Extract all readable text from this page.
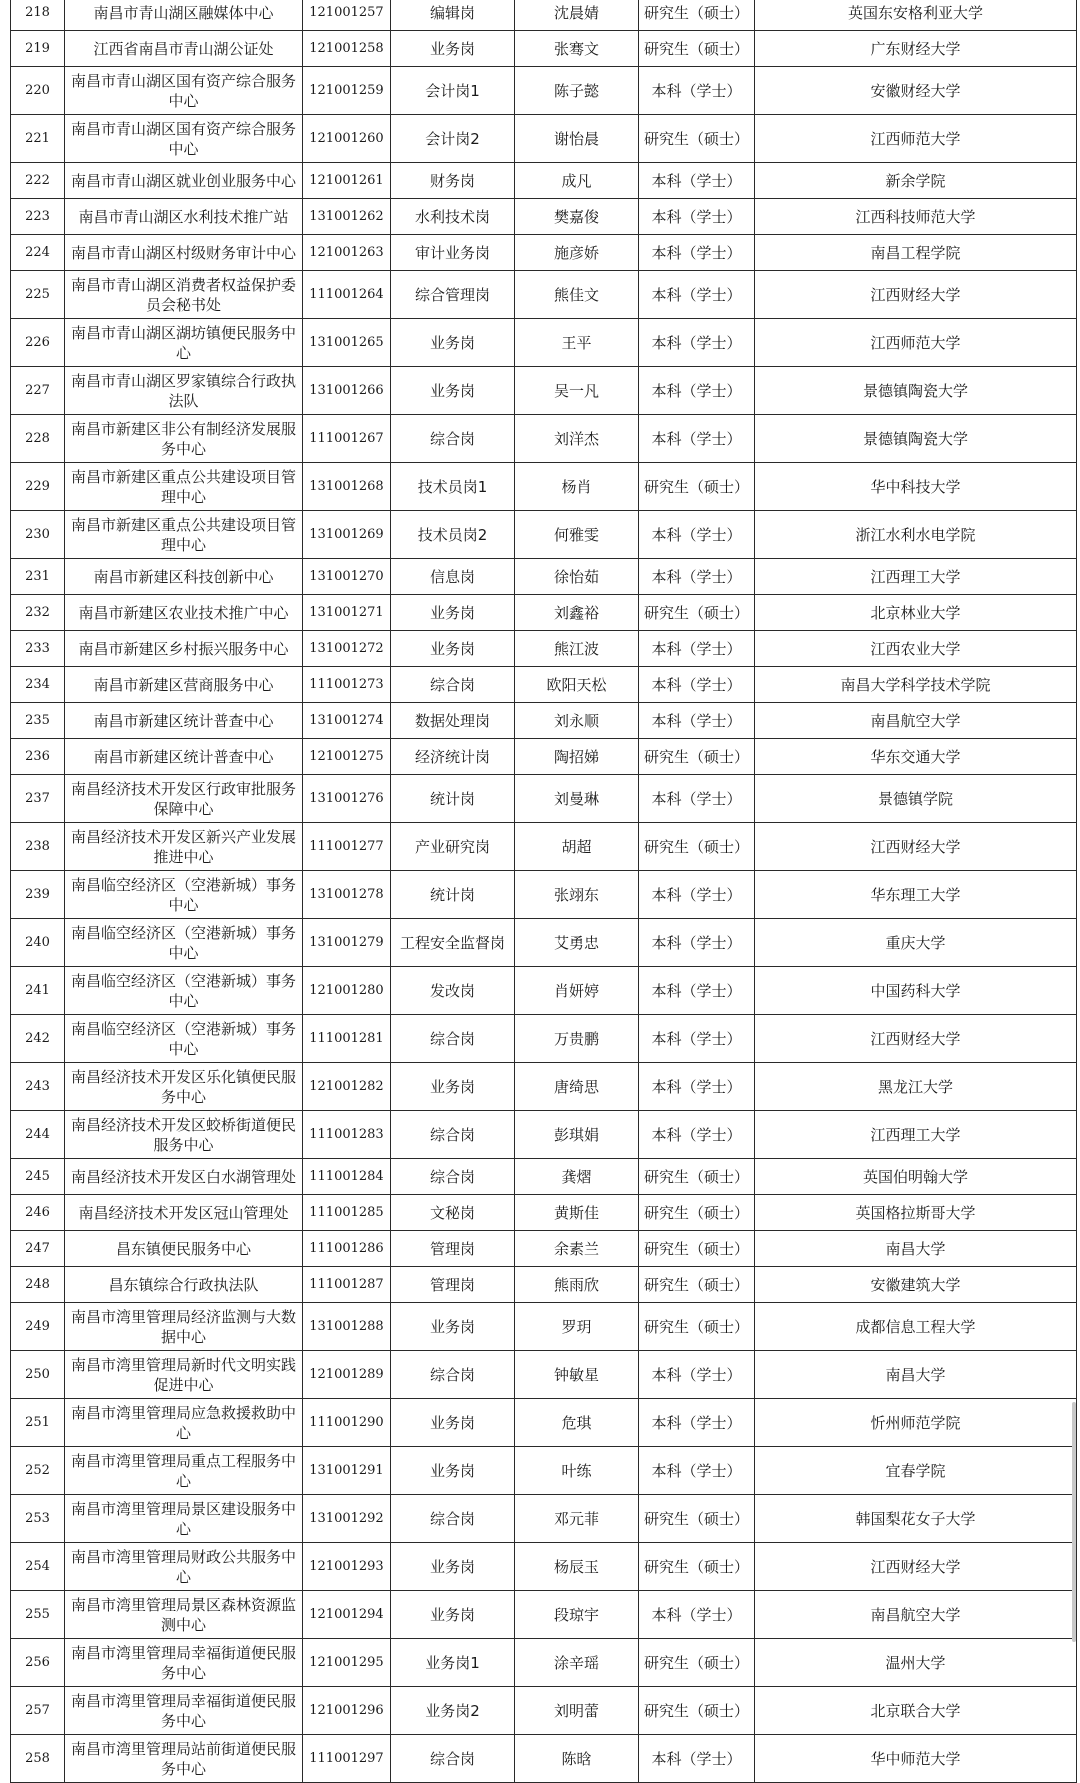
218	南昌市青山湖区融媒体中心	121001257	编辑岗	沈晨婧	研究生（硕士）	英国东安格利亚大学
219	江西省南昌市青山湖公证处	121001258	业务岗	张骞文	研究生（硕士）	广东财经大学
220	南昌市青山湖区国有资产综合服务中心	121001259	会计岗1	陈子懿	本科（学士）	安徽财经大学
221	南昌市青山湖区国有资产综合服务中心	121001260	会计岗2	谢怡晨	研究生（硕士）	江西师范大学
222	南昌市青山湖区就业创业服务中心	121001261	财务岗	成凡	本科（学士）	新余学院
223	南昌市青山湖区水利技术推广站	131001262	水利技术岗	樊嘉俊	本科（学士）	江西科技师范大学
224	南昌市青山湖区村级财务审计中心	121001263	审计业务岗	施彦娇	本科（学士）	南昌工程学院
225	南昌市青山湖区消费者权益保护委员会秘书处	111001264	综合管理岗	熊佳文	本科（学士）	江西财经大学
226	南昌市青山湖区湖坊镇便民服务中心	131001265	业务岗	王平	本科（学士）	江西师范大学
227	南昌市青山湖区罗家镇综合行政执法队	131001266	业务岗	吴一凡	本科（学士）	景德镇陶瓷大学
228	南昌市新建区非公有制经济发展服务中心	111001267	综合岗	刘洋杰	本科（学士）	景德镇陶瓷大学
229	南昌市新建区重点公共建设项目管理中心	131001268	技术员岗1	杨肖	研究生（硕士）	华中科技大学
230	南昌市新建区重点公共建设项目管理中心	131001269	技术员岗2	何雅雯	本科（学士）	浙江水利水电学院
231	南昌市新建区科技创新中心	131001270	信息岗	徐怡茹	本科（学士）	江西理工大学
232	南昌市新建区农业技术推广中心	131001271	业务岗	刘鑫裕	研究生（硕士）	北京林业大学
233	南昌市新建区乡村振兴服务中心	131001272	业务岗	熊江波	本科（学士）	江西农业大学
234	南昌市新建区营商服务中心	111001273	综合岗	欧阳天松	本科（学士）	南昌大学科学技术学院
235	南昌市新建区统计普查中心	131001274	数据处理岗	刘永顺	本科（学士）	南昌航空大学
236	南昌市新建区统计普查中心	121001275	经济统计岗	陶招娣	研究生（硕士）	华东交通大学
237	南昌经济技术开发区行政审批服务保障中心	131001276	统计岗	刘曼琳	本科（学士）	景德镇学院
238	南昌经济技术开发区新兴产业发展推进中心	111001277	产业研究岗	胡超	研究生（硕士）	江西财经大学
239	南昌临空经济区（空港新城）事务中心	131001278	统计岗	张翊东	本科（学士）	华东理工大学
240	南昌临空经济区（空港新城）事务中心	131001279	工程安全监督岗	艾勇忠	本科（学士）	重庆大学
241	南昌临空经济区（空港新城）事务中心	121001280	发改岗	肖妍婷	本科（学士）	中国药科大学
242	南昌临空经济区（空港新城）事务中心	111001281	综合岗	万贵鹏	本科（学士）	江西财经大学
243	南昌经济技术开发区乐化镇便民服务中心	121001282	业务岗	唐绮思	本科（学士）	黑龙江大学
244	南昌经济技术开发区蛟桥街道便民服务中心	111001283	综合岗	彭琪娟	本科（学士）	江西理工大学
245	南昌经济技术开发区白水湖管理处	111001284	综合岗	龚熠	研究生（硕士）	英国伯明翰大学
246	南昌经济技术开发区冠山管理处	111001285	文秘岗	黄斯佳	研究生（硕士）	英国格拉斯哥大学
247	昌东镇便民服务中心	111001286	管理岗	余素兰	研究生（硕士）	南昌大学
248	昌东镇综合行政执法队	111001287	管理岗	熊雨欣	研究生（硕士）	安徽建筑大学
249	南昌市湾里管理局经济监测与大数据中心	131001288	业务岗	罗玥	研究生（硕士）	成都信息工程大学
250	南昌市湾里管理局新时代文明实践促进中心	121001289	综合岗	钟敏星	本科（学士）	南昌大学
251	南昌市湾里管理局应急救援救助中心	111001290	业务岗	危琪	本科（学士）	忻州师范学院
252	南昌市湾里管理局重点工程服务中心	131001291	业务岗	叶练	本科（学士）	宜春学院
253	南昌市湾里管理局景区建设服务中心	131001292	综合岗	邓元菲	研究生（硕士）	韩国梨花女子大学
254	南昌市湾里管理局财政公共服务中心	121001293	业务岗	杨辰玉	研究生（硕士）	江西财经大学
255	南昌市湾里管理局景区森林资源监测中心	121001294	业务岗	段琼宇	本科（学士）	南昌航空大学
256	南昌市湾里管理局幸福街道便民服务中心	121001295	业务岗1	涂辛瑶	研究生（硕士）	温州大学
257	南昌市湾里管理局幸福街道便民服务中心	121001296	业务岗2	刘明蕾	研究生（硕士）	北京联合大学
258	南昌市湾里管理局站前街道便民服务中心	111001297	综合岗	陈晗	本科（学士）	华中师范大学
